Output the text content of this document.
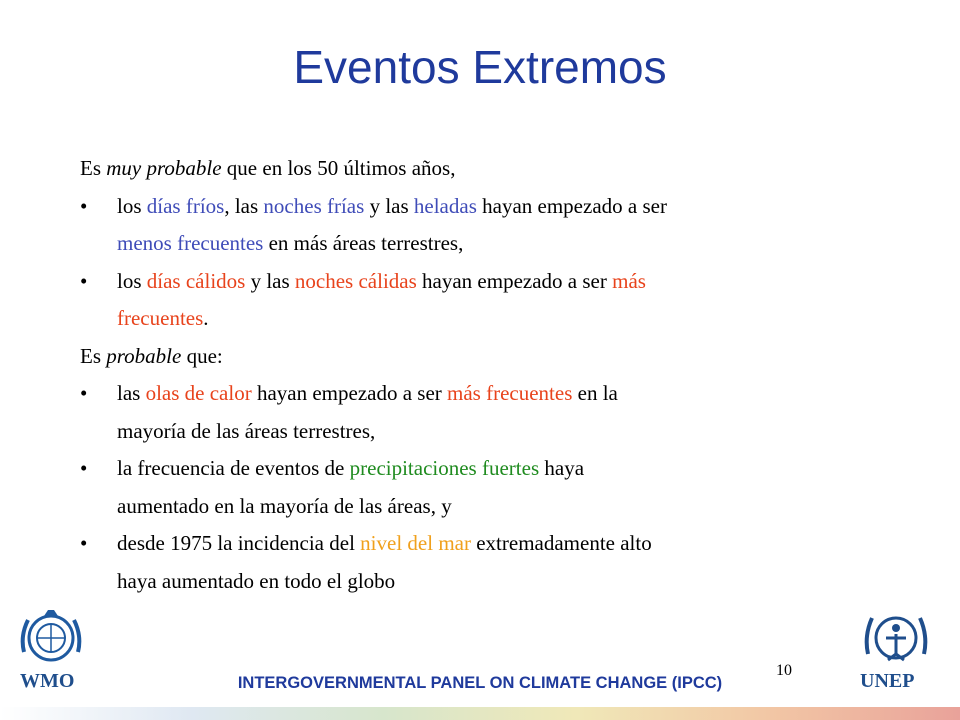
Eventos Extremos
Es muy probable que en los 50 últimos años,
• los días fríos, las noches frías y las heladas hayan empezado a ser
menos frecuentes en más áreas terrestres,
• los días cálidos y las noches cálidas hayan empezado a ser más
frecuentes.
Es probable que:
• las olas de calor hayan empezado a ser más frecuentes en la
mayoría de las áreas terrestres,
• la frecuencia de eventos de precipitaciones fuertes haya
aumentado en la mayoría de las áreas, y
• desde 1975 la incidencia del nivel del mar extremadamente alto
haya aumentado en todo el globo
WMO	UNEP
10
INTERGOVERNMENTAL PANEL ON CLIMATE CHANGE (IPCC)
